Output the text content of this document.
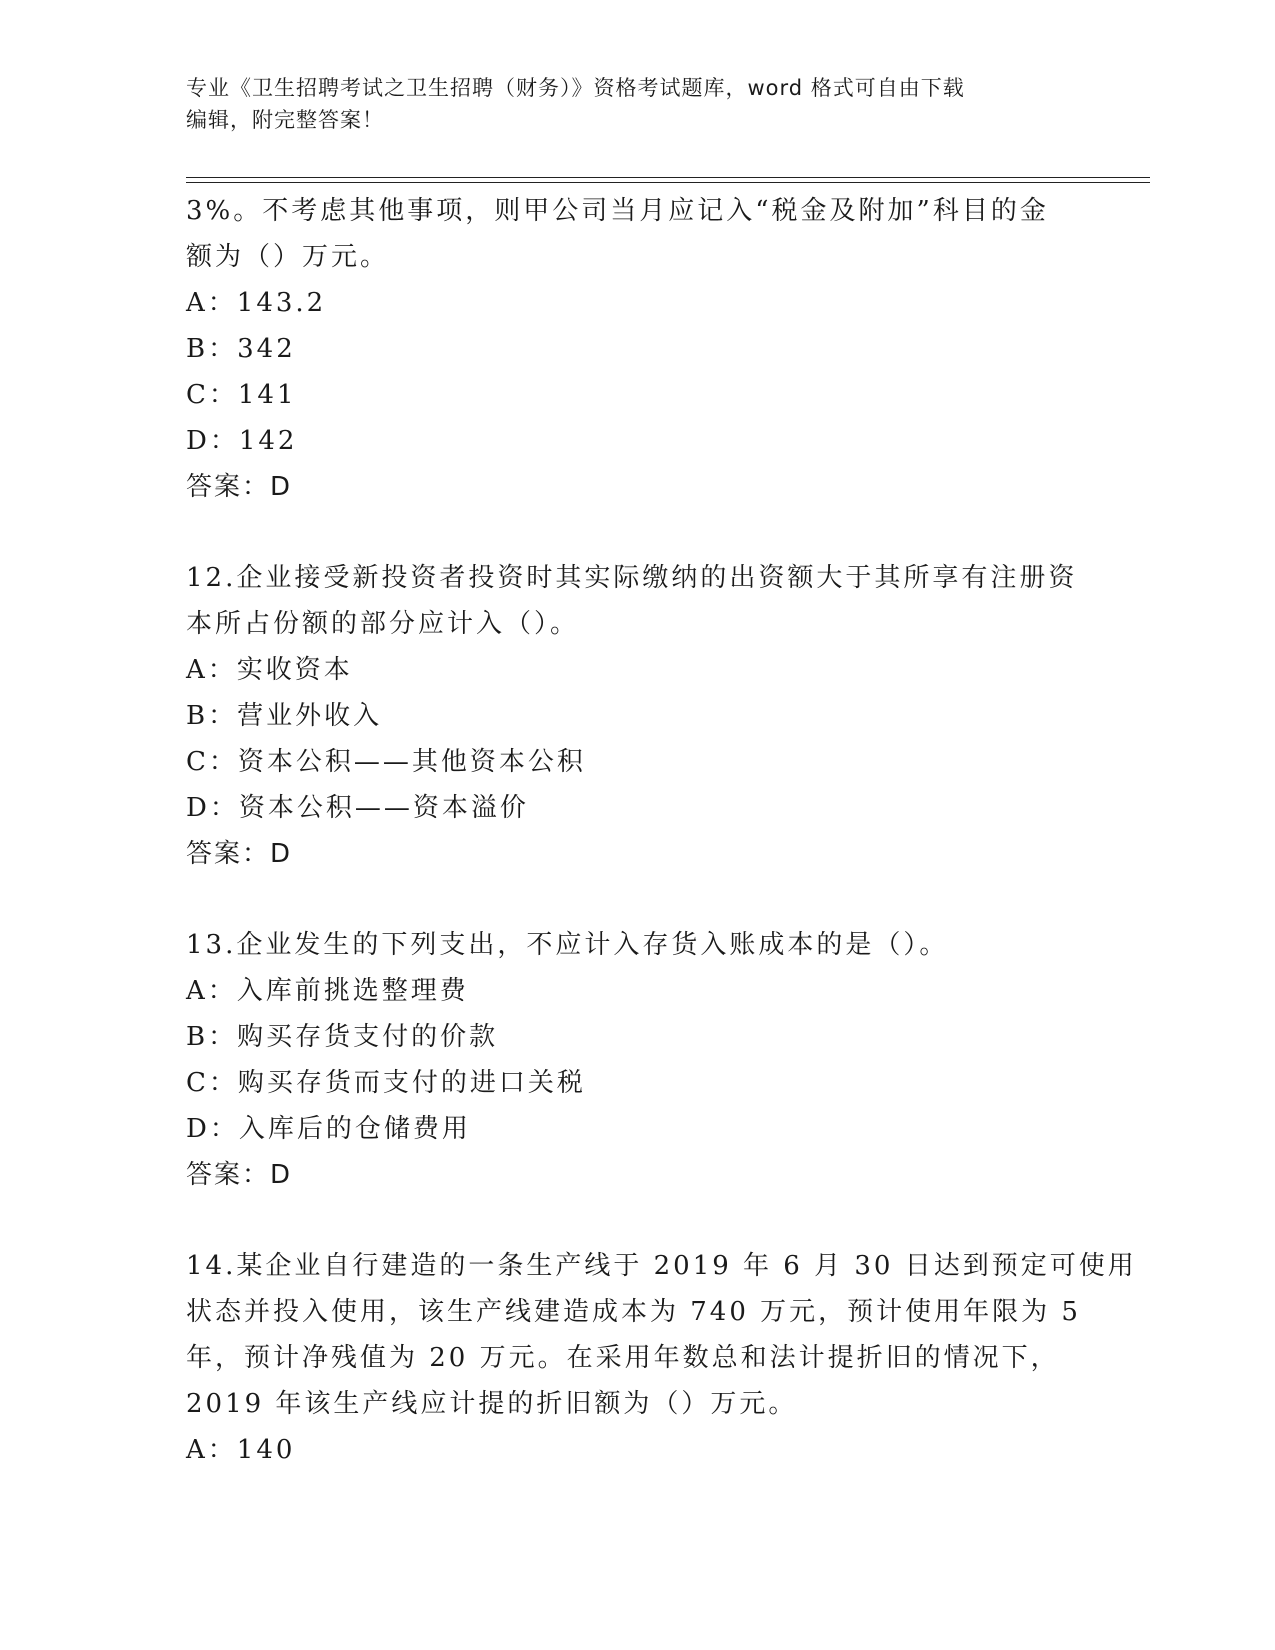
专业《卫生招聘考试之卫生招聘（财务）》资格考试题库，word 格式可自由下载
编辑，附完整答案！
3%。不考虑其他事项，则甲公司当月应记入“税金及附加”科目的金
额为（）万元。
A：143.2
B：342
C：141
D：142
答案：D
12.企业接受新投资者投资时其实际缴纳的出资额大于其所享有注册资
本所占份额的部分应计入（）。
A：实收资本
B：营业外收入
C：资本公积——其他资本公积
D：资本公积——资本溢价
答案：D
13.企业发生的下列支出，不应计入存货入账成本的是（）。
A：入库前挑选整理费
B：购买存货支付的价款
C：购买存货而支付的进口关税
D：入库后的仓储费用
答案：D
14.某企业自行建造的一条生产线于 2019 年 6 月 30 日达到预定可使用
状态并投入使用，该生产线建造成本为 740 万元，预计使用年限为 5
年，预计净残值为 20 万元。在采用年数总和法计提折旧的情况下，
2019 年该生产线应计提的折旧额为（）万元。
A：140
